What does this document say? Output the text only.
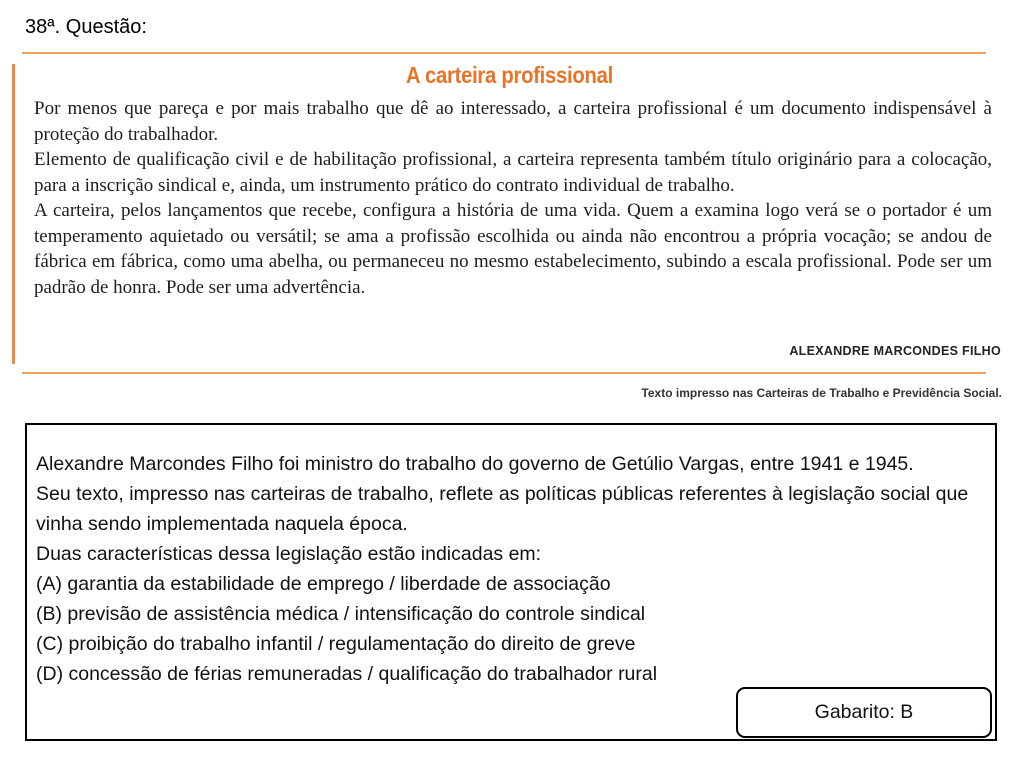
38ª. Questão:
A carteira profissional

Por menos que pareça e por mais trabalho que dê ao interessado, a carteira profissional é um documento indispensável à proteção do trabalhador.

Elemento de qualificação civil e de habilitação profissional, a carteira representa também título originário para a colocação, para a inscrição sindical e, ainda, um instrumento prático do contrato individual de trabalho.

A carteira, pelos lançamentos que recebe, configura a história de uma vida. Quem a examina logo verá se o portador é um temperamento aquietado ou versátil; se ama a profissão escolhida ou ainda não encontrou a própria vocação; se andou de fábrica em fábrica, como uma abelha, ou permaneceu no mesmo estabelecimento, subindo a escala profissional. Pode ser um padrão de honra. Pode ser uma advertência.

ALEXANDRE MARCONDES FILHO
Texto impresso nas Carteiras de Trabalho e Previdência Social.
Alexandre Marcondes Filho foi ministro do trabalho do governo de Getúlio Vargas, entre 1941 e 1945.
Seu texto, impresso nas carteiras de trabalho, reflete as políticas públicas referentes à legislação social que vinha sendo implementada naquela época.
Duas características dessa legislação estão indicadas em:
(A) garantia da estabilidade de emprego / liberdade de associação
(B) previsão de assistência médica / intensificação do controle sindical
(C) proibição do trabalho infantil / regulamentação do direito de greve
(D) concessão de férias remuneradas / qualificação do trabalhador rural
Gabarito: B
